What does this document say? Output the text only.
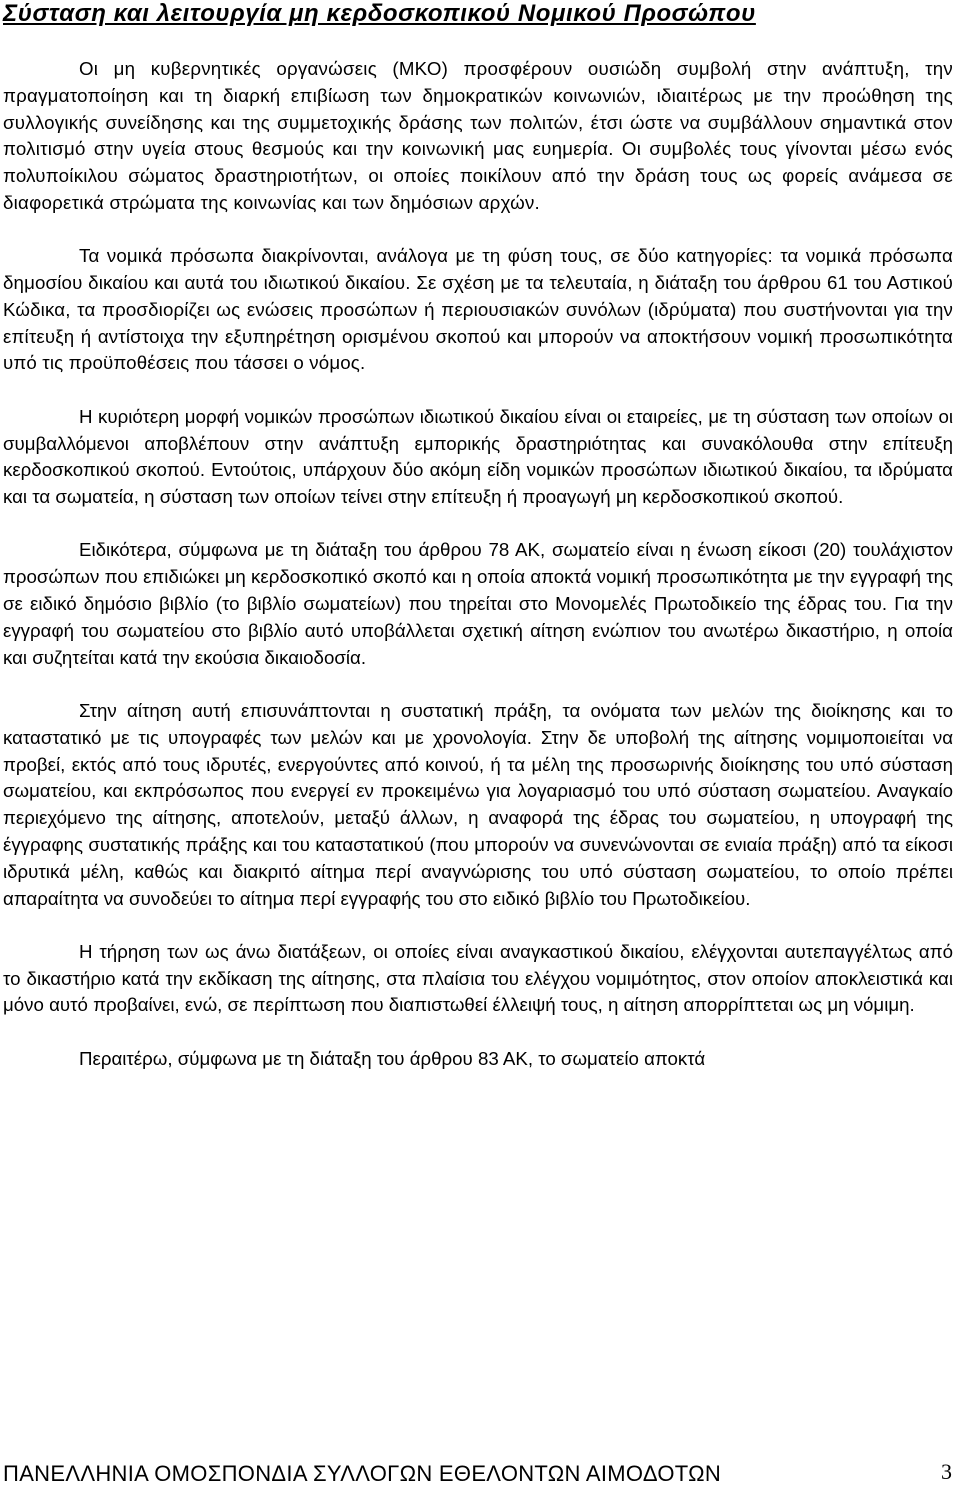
Σύσταση και λειτουργία μη κερδοσκοπικού Νομικού Προσώπου

Οι μη κυβερνητικές οργανώσεις (ΜΚΟ) προσφέρουν ουσιώδη συμβολή στην ανάπτυξη, την πραγματοποίηση και τη διαρκή επιβίωση των δημοκρατικών κοινωνιών, ιδιαιτέρως με την προώθηση της συλλογικής συνείδησης και της συμμετοχικής δράσης των πολιτών, έτσι ώστε να συμβάλλουν σημαντικά στον πολιτισμό στην υγεία στους θεσμούς και την κοινωνική μας ευημερία. Οι συμβολές τους γίνονται μέσω ενός πολυποίκιλου σώματος δραστηριοτήτων, οι οποίες ποικίλουν από την δράση τους ως φορείς ανάμεσα σε διαφορετικά στρώματα της κοινωνίας και των δημόσιων αρχών.

Τα νομικά πρόσωπα διακρίνονται, ανάλογα με τη φύση τους, σε δύο κατηγορίες: τα νομικά πρόσωπα δημοσίου δικαίου και αυτά του ιδιωτικού δικαίου. Σε σχέση με τα τελευταία, η διάταξη του άρθρου 61 του Αστικού Κώδικα, τα προσδιορίζει ως ενώσεις προσώπων ή περιουσιακών συνόλων (ιδρύματα) που συστήνονται για την επίτευξη ή αντίστοιχα την εξυπηρέτηση ορισμένου σκοπού και μπορούν να αποκτήσουν νομική προσωπικότητα υπό τις προϋποθέσεις που τάσσει ο νόμος.

Η κυριότερη μορφή νομικών προσώπων ιδιωτικού δικαίου είναι οι εταιρείες, με τη σύσταση των οποίων οι συμβαλλόμενοι αποβλέπουν στην ανάπτυξη εμπορικής δραστηριότητας και συνακόλουθα στην επίτευξη κερδοσκοπικού σκοπού. Εντούτοις, υπάρχουν δύο ακόμη είδη νομικών προσώπων ιδιωτικού δικαίου, τα ιδρύματα και τα σωματεία, η σύσταση των οποίων τείνει στην επίτευξη ή προαγωγή μη κερδοσκοπικού σκοπού.

Ειδικότερα, σύμφωνα με τη διάταξη του άρθρου 78 ΑΚ, σωματείο είναι η ένωση είκοσι (20) τουλάχιστον προσώπων που επιδιώκει μη κερδοσκοπικό σκοπό και η οποία αποκτά νομική προσωπικότητα με την εγγραφή της σε ειδικό δημόσιο βιβλίο (το βιβλίο σωματείων) που τηρείται στο Μονομελές Πρωτοδικείο της έδρας του. Για την εγγραφή του σωματείου στο βιβλίο αυτό υποβάλλεται σχετική αίτηση ενώπιον του ανωτέρω δικαστήριο, η οποία και συζητείται κατά την εκούσια δικαιοδοσία.

Στην αίτηση αυτή επισυνάπτονται η συστατική πράξη, τα ονόματα των μελών της διοίκησης και το καταστατικό με τις υπογραφές των μελών και με χρονολογία. Στην δε υποβολή της αίτησης νομιμοποιείται να προβεί, εκτός από τους ιδρυτές, ενεργούντες από κοινού, ή τα μέλη της προσωρινής διοίκησης του υπό σύσταση σωματείου, και εκπρόσωπος που ενεργεί εν προκειμένω για λογαριασμό του υπό σύσταση σωματείου. Αναγκαίο περιεχόμενο της αίτησης, αποτελούν, μεταξύ άλλων, η αναφορά της έδρας του σωματείου, η υπογραφή της έγγραφης συστατικής πράξης και του καταστατικού (που μπορούν να συνενώνονται σε ενιαία πράξη) από τα είκοσι ιδρυτικά μέλη, καθώς και διακριτό αίτημα περί αναγνώρισης του υπό σύσταση σωματείου, το οποίο πρέπει απαραίτητα να συνοδεύει το αίτημα περί εγγραφής του στο ειδικό βιβλίο του Πρωτοδικείου.

Η τήρηση των ως άνω διατάξεων, οι οποίες είναι αναγκαστικού δικαίου, ελέγχονται αυτεπαγγέλτως από το δικαστήριο κατά την εκδίκαση της αίτησης, στα πλαίσια του ελέγχου νομιμότητος, στον οποίον αποκλειστικά και μόνο αυτό προβαίνει, ενώ, σε περίπτωση που διαπιστωθεί έλλειψή τους, η αίτηση απορρίπτεται ως μη νόμιμη.

Περαιτέρω, σύμφωνα με τη διάταξη του άρθρου 83 ΑΚ, το σωματείο αποκτά

ΠΑΝΕΛΛΗΝΙΑ ΟΜΟΣΠΟΝΔΙΑ ΣΥΛΛΟΓΩΝ ΕΘΕΛΟΝΤΩΝ ΑΙΜΟΔΟΤΩΝ	3
